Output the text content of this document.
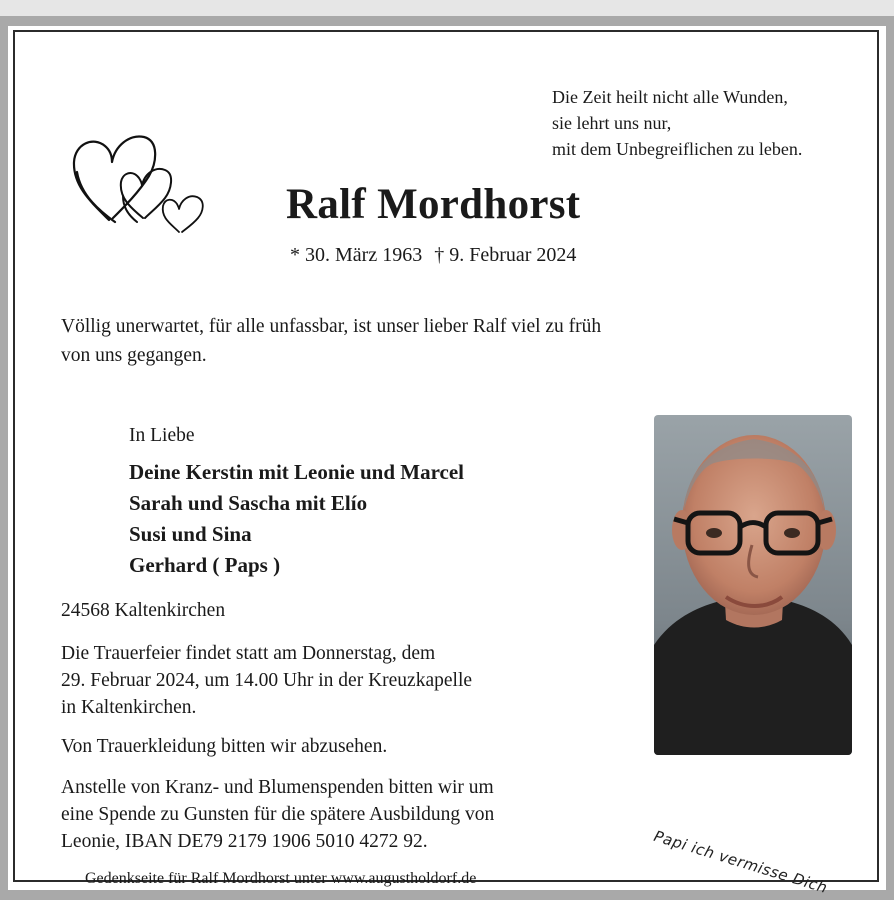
Die Zeit heilt nicht alle Wunden,
sie lehrt uns nur,
mit dem Unbegreiflichen zu leben.
Ralf Mordhorst
* 30. März 1963 † 9. Februar 2024
Völlig unerwartet, für alle unfassbar, ist unser lieber Ralf viel zu früh
von uns gegangen.
In Liebe
Deine Kerstin mit Leonie und Marcel
Sarah und Sascha mit Elío
Susi und Sina
Gerhard ( Paps )
24568 Kaltenkirchen
Die Trauerfeier findet statt am Donnerstag, dem
29. Februar 2024, um 14.00 Uhr in der Kreuzkapelle
in Kaltenkirchen.
Von Trauerkleidung bitten wir abzusehen.
Anstelle von Kranz- und Blumenspenden bitten wir um
eine Spende zu Gunsten für die spätere Ausbildung von
Leonie, IBAN DE79 2179 1906 5010 4272 92.
Gedenkseite für Ralf Mordhorst unter www.augustholdorf.de	Papi ich vermisse Dich
